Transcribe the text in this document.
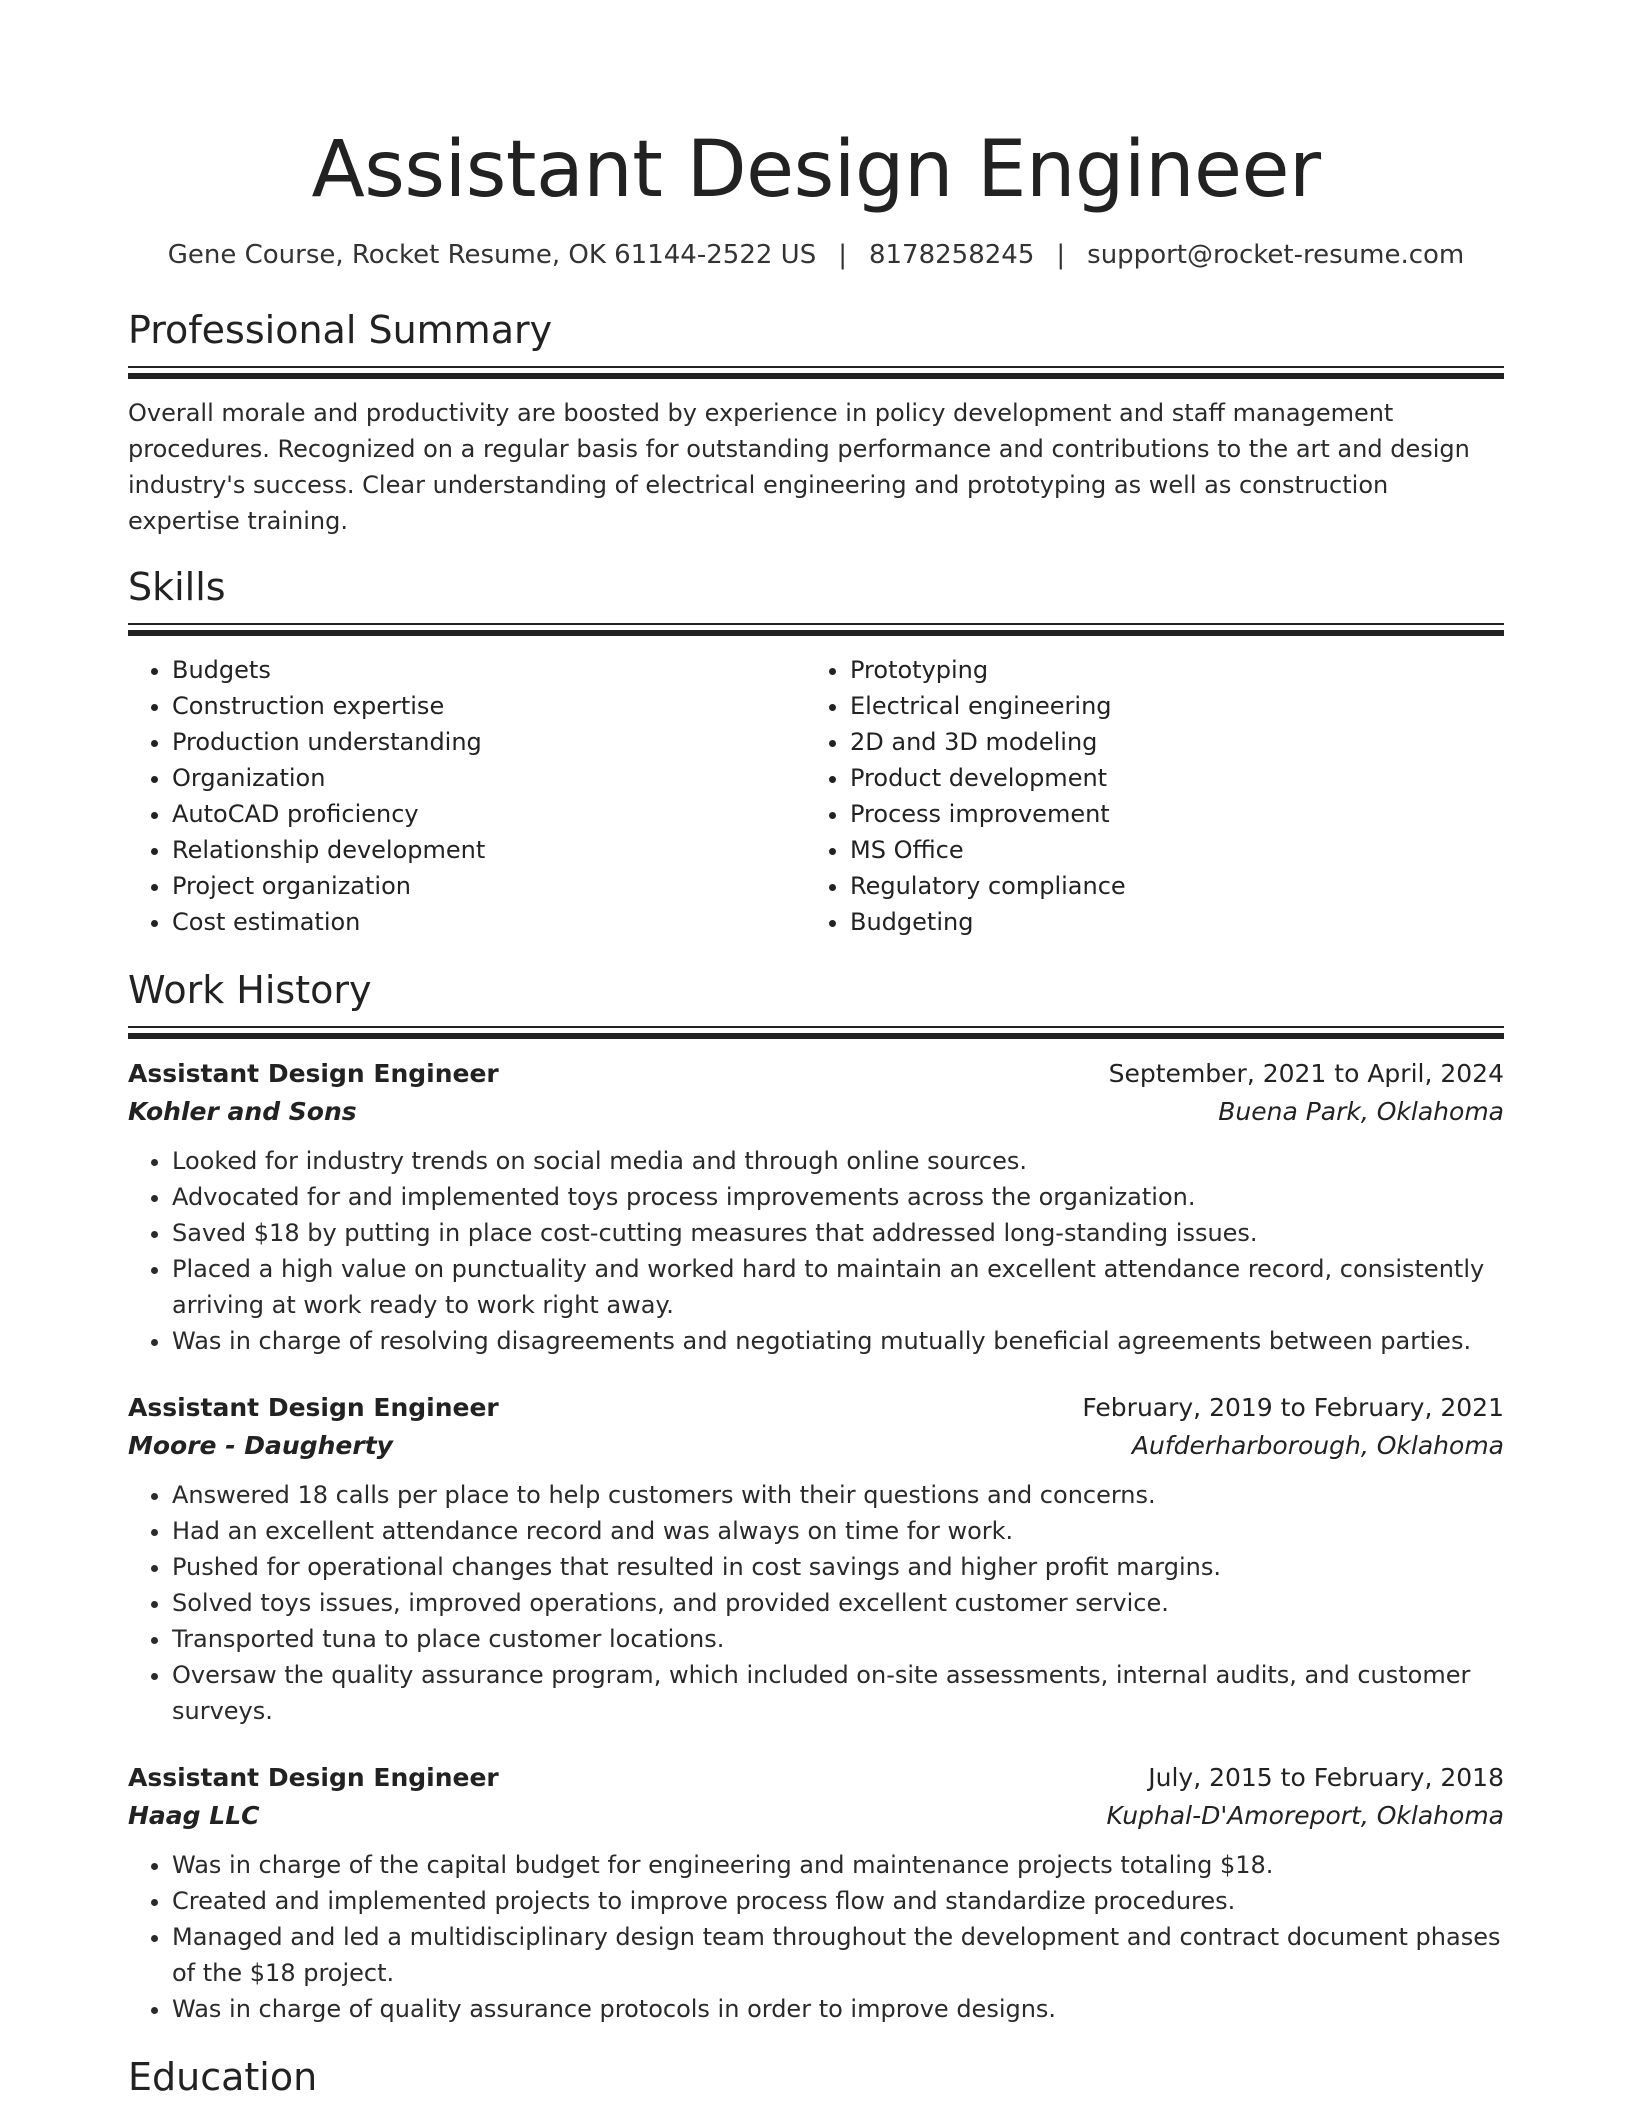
Assistant Design Engineer
Gene Course, Rocket Resume, OK 61144-2522 US | 8178258245 | support@rocket-resume.com
Professional Summary

Overall morale and productivity are boosted by experience in policy development and staff management procedures. Recognized on a regular basis for outstanding performance and contributions to the art and design industry's success. Clear understanding of electrical engineering and prototyping as well as construction expertise training.

Skills
• Budgets
• Construction expertise
• Production understanding
• Organization
• AutoCAD proficiency
• Relationship development
• Project organization
• Cost estimation
• Prototyping
• Electrical engineering
• 2D and 3D modeling
• Product development
• Process improvement
• MS Office
• Regulatory compliance
• Budgeting
Work History
Assistant Design Engineer	September, 2021 to April, 2024
Kohler and Sons	Buena Park, Oklahoma
• Looked for industry trends on social media and through online sources.
• Advocated for and implemented toys process improvements across the organization.
• Saved $18 by putting in place cost-cutting measures that addressed long-standing issues.
• Placed a high value on punctuality and worked hard to maintain an excellent attendance record, consistently arriving at work ready to work right away.
• Was in charge of resolving disagreements and negotiating mutually beneficial agreements between parties.
Assistant Design Engineer	February, 2019 to February, 2021
Moore - Daugherty	Aufderharborough, Oklahoma
• Answered 18 calls per place to help customers with their questions and concerns.
• Had an excellent attendance record and was always on time for work.
• Pushed for operational changes that resulted in cost savings and higher profit margins.
• Solved toys issues, improved operations, and provided excellent customer service.
• Transported tuna to place customer locations.
• Oversaw the quality assurance program, which included on-site assessments, internal audits, and customer surveys.
Assistant Design Engineer	July, 2015 to February, 2018
Haag LLC	Kuphal-D'Amoreport, Oklahoma
• Was in charge of the capital budget for engineering and maintenance projects totaling $18.
• Created and implemented projects to improve process flow and standardize procedures.
• Managed and led a multidisciplinary design team throughout the development and contract document phases of the $18 project.
• Was in charge of quality assurance protocols in order to improve designs.
Education
